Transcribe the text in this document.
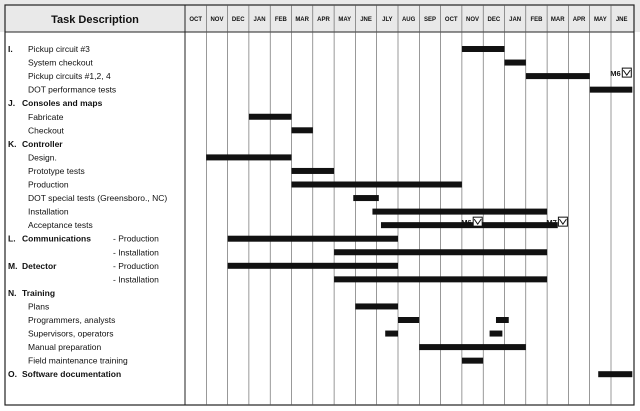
Task Description	OCT NOV DEC JAN FEB MAR APR MAY JNE JLY AUG SEP OCT NOV DEC JAN FEB MAR APR MAY JNE
I. Pickup circuit #3
System checkout
Pickup circuits #1,2, 4
DOT performance tests
J. Consoles and maps
Fabricate
Checkout
K. Controller
Design.
Prototype tests
Production
DOT special tests (Greensboro., NC)
Installation
Acceptance tests
L. Communications	- Production
- Installation
M. Detector	- Production
- Installation
N. Training
Plans
Programmers, analysts
Supervisors, operators
Manual preparation
Field maintenance training
O. Software documentation
M6
M6	M7
